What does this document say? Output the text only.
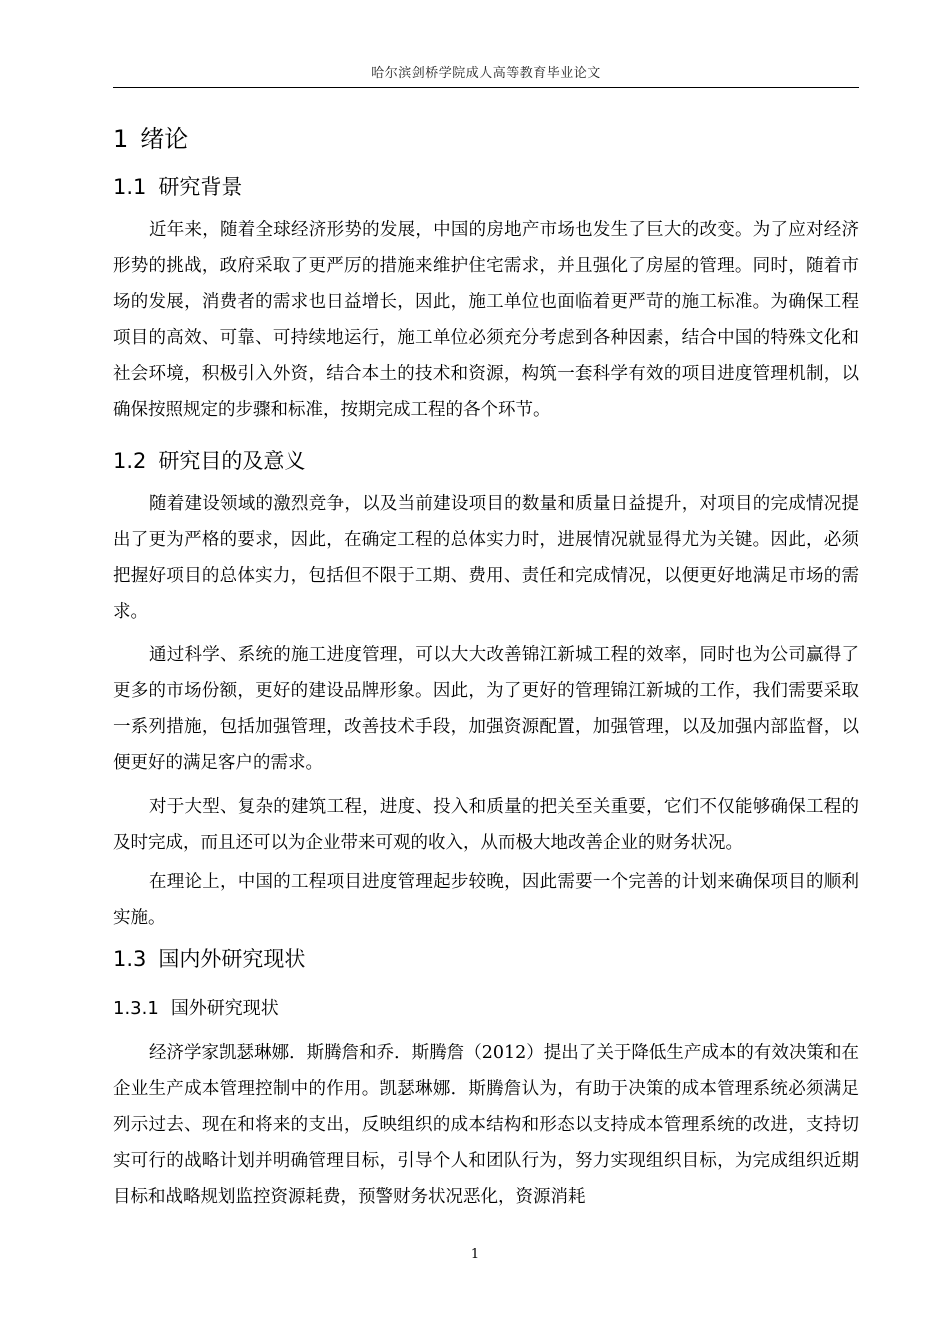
哈尔滨剑桥学院成人高等教育毕业论文
1 绪论
1.1 研究背景

近年来，随着全球经济形势的发展，中国的房地产市场也发生了巨大的改变。为了应对经济形势的挑战，政府采取了更严厉的措施来维护住宅需求，并且强化了房屋的管理。同时，随着市场的发展，消费者的需求也日益增长，因此，施工单位也面临着更严苛的施工标准。为确保工程项目的高效、可靠、可持续地运行，施工单位必须充分考虑到各种因素，结合中国的特殊文化和社会环境，积极引入外资，结合本土的技术和资源，构筑一套科学有效的项目进度管理机制，以确保按照规定的步骤和标准，按期完成工程的各个环节。

1.2 研究目的及意义

随着建设领域的激烈竞争，以及当前建设项目的数量和质量日益提升，对项目的完成情况提出了更为严格的要求，因此，在确定工程的总体实力时，进展情况就显得尤为关键。因此，必须把握好项目的总体实力，包括但不限于工期、费用、责任和完成情况，以便更好地满足市场的需求。

通过科学、系统的施工进度管理，可以大大改善锦江新城工程的效率，同时也为公司赢得了更多的市场份额，更好的建设品牌形象。因此，为了更好的管理锦江新城的工作，我们需要采取一系列措施，包括加强管理，改善技术手段，加强资源配置，加强管理，以及加强内部监督，以便更好的满足客户的需求。

对于大型、复杂的建筑工程，进度、投入和质量的把关至关重要，它们不仅能够确保工程的及时完成，而且还可以为企业带来可观的收入，从而极大地改善企业的财务状况。

在理论上，中国的工程项目进度管理起步较晚，因此需要一个完善的计划来确保项目的顺利实施。

1.3 国内外研究现状
1.3.1 国外研究现状

经济学家凯瑟琳娜．斯腾詹和乔．斯腾詹（2012）提出了关于降低生产成本的有效决策和在企业生产成本管理控制中的作用。凯瑟琳娜．斯腾詹认为，有助于决策的成本管理系统必须满足列示过去、现在和将来的支出，反映组织的成本结构和形态以支持成本管理系统的改进，支持切实可行的战略计划并明确管理目标，引导个人和团队行为，努力实现组织目标，为完成组织近期目标和战略规划监控资源耗费，预警财务状况恶化，资源消耗

1
